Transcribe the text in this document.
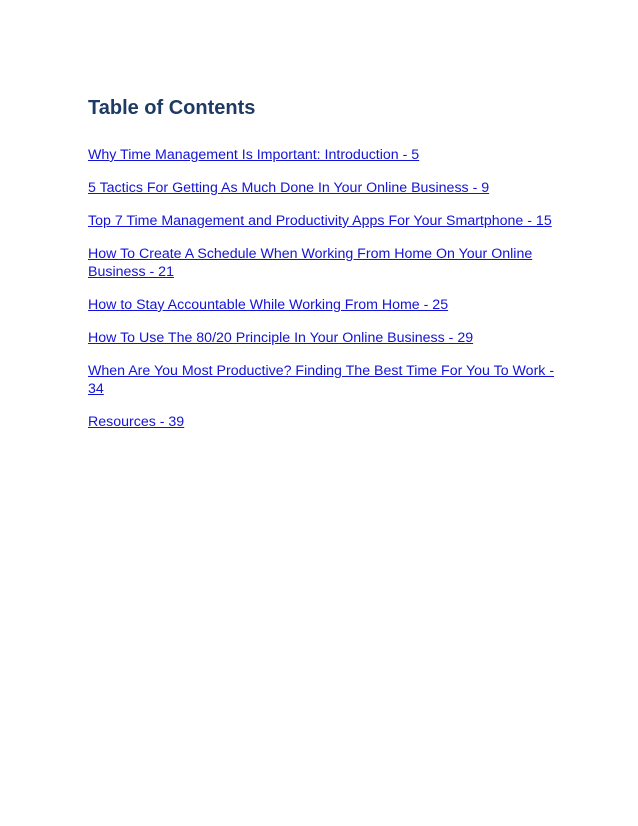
Table of Contents
Why Time Management Is Important: Introduction - 5
5 Tactics For Getting As Much Done In Your Online Business - 9
Top 7 Time Management and Productivity Apps For Your Smartphone - 15
How To Create A Schedule When Working From Home On Your Online Business - 21
How to Stay Accountable While Working From Home - 25
How To Use The 80/20 Principle In Your Online Business - 29
When Are You Most Productive? Finding The Best Time For You To Work - 34
Resources - 39
